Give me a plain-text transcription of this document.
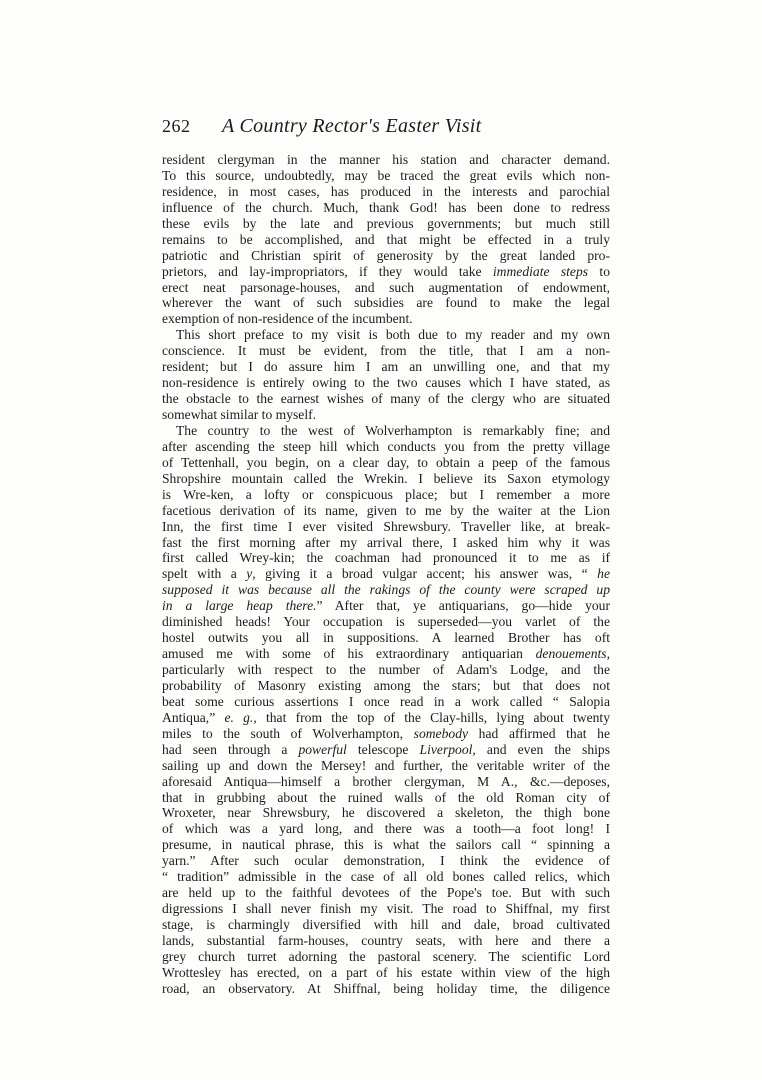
262 A Country Rector's Easter Visit
resident clergyman in the manner his station and character demand.
To this source, undoubtedly, may be traced the great evils which non-
residence, in most cases, has produced in the interests and parochial
influence of the church. Much, thank God! has been done to redress
these evils by the late and previous governments; but much still
remains to be accomplished, and that might be effected in a truly
patriotic and Christian spirit of generosity by the great landed pro-
prietors, and lay-impropriators, if they would take immediate steps to
erect neat parsonage-houses, and such augmentation of endowment,
wherever the want of such subsidies are found to make the legal
exemption of non-residence of the incumbent.
This short preface to my visit is both due to my reader and my own
conscience. It must be evident, from the title, that I am a non-
resident; but I do assure him I am an unwilling one, and that my
non-residence is entirely owing to the two causes which I have stated, as
the obstacle to the earnest wishes of many of the clergy who are situated
somewhat similar to myself.
The country to the west of Wolverhampton is remarkably fine; and
after ascending the steep hill which conducts you from the pretty village
of Tettenhall, you begin, on a clear day, to obtain a peep of the famous
Shropshire mountain called the Wrekin. I believe its Saxon etymology
is Wre-ken, a lofty or conspicuous place; but I remember a more
facetious derivation of its name, given to me by the waiter at the Lion
Inn, the first time I ever visited Shrewsbury. Traveller like, at break-
fast the first morning after my arrival there, I asked him why it was
first called Wrey-kin; the coachman had pronounced it to me as if
spelt with a y, giving it a broad vulgar accent; his answer was, “ he
supposed it was because all the rakings of the county were scraped up
in a large heap there.” After that, ye antiquarians, go—hide your
diminished heads! Your occupation is superseded—you varlet of the
hostel outwits you all in suppositions. A learned Brother has oft
amused me with some of his extraordinary antiquarian denouements,
particularly with respect to the number of Adam's Lodge, and the
probability of Masonry existing among the stars; but that does not
beat some curious assertions I once read in a work called “ Salopia
Antiqua,” e. g., that from the top of the Clay-hills, lying about twenty
miles to the south of Wolverhampton, somebody had affirmed that he
had seen through a powerful telescope Liverpool, and even the ships
sailing up and down the Mersey! and further, the veritable writer of the
aforesaid Antiqua—himself a brother clergyman, M A., &c.—deposes,
that in grubbing about the ruined walls of the old Roman city of
Wroxeter, near Shrewsbury, he discovered a skeleton, the thigh bone
of which was a yard long, and there was a tooth—a foot long! I
presume, in nautical phrase, this is what the sailors call “ spinning a
yarn.” After such ocular demonstration, I think the evidence of
“ tradition” admissible in the case of all old bones called relics, which
are held up to the faithful devotees of the Pope's toe. But with such
digressions I shall never finish my visit. The road to Shiffnal, my first
stage, is charmingly diversified with hill and dale, broad cultivated
lands, substantial farm-houses, country seats, with here and there a
grey church turret adorning the pastoral scenery. The scientific Lord
Wrottesley has erected, on a part of his estate within view of the high
road, an observatory. At Shiffnal, being holiday time, the diligence
